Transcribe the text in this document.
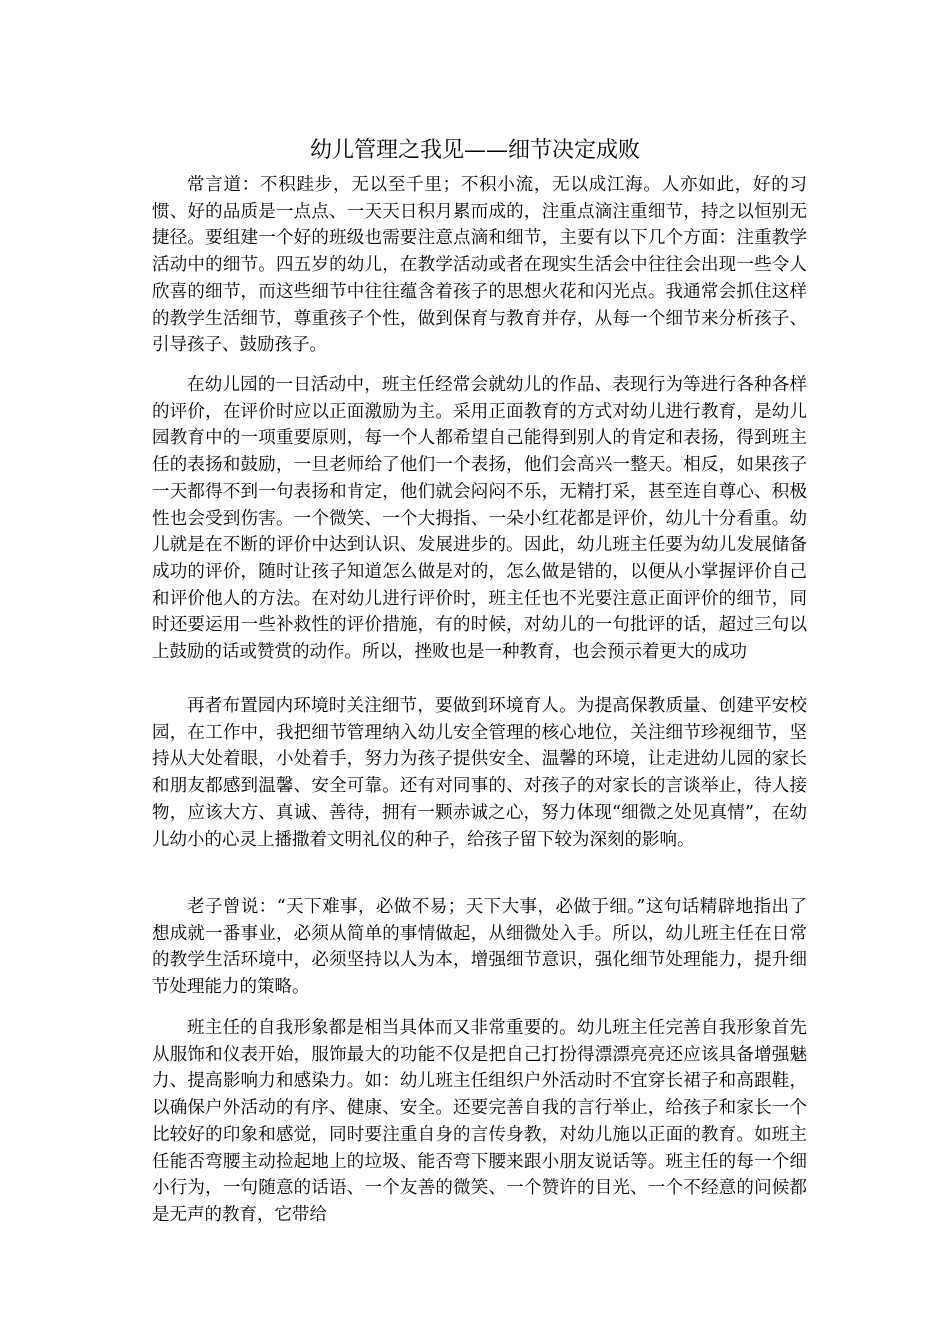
幼儿管理之我见——细节决定成败

常言道：不积跬步，无以至千里；不积小流，无以成江海。人亦如此，好的习惯、好的品质是一点点、一天天日积月累而成的，注重点滴注重细节，持之以恒别无捷径。要组建一个好的班级也需要注意点滴和细节，主要有以下几个方面：注重教学活动中的细节。四五岁的幼儿，在教学活动或者在现实生活会中往往会出现一些令人欣喜的细节，而这些细节中往往蕴含着孩子的思想火花和闪光点。我通常会抓住这样的教学生活细节，尊重孩子个性，做到保育与教育并存，从每一个细节来分析孩子、引导孩子、鼓励孩子。

在幼儿园的一日活动中，班主任经常会就幼儿的作品、表现行为等进行各种各样的评价，在评价时应以正面激励为主。采用正面教育的方式对幼儿进行教育，是幼儿园教育中的一项重要原则，每一个人都希望自己能得到别人的肯定和表扬，得到班主任的表扬和鼓励，一旦老师给了他们一个表扬，他们会高兴一整天。相反，如果孩子一天都得不到一句表扬和肯定，他们就会闷闷不乐，无精打采，甚至连自尊心、积极性也会受到伤害。一个微笑、一个大拇指、一朵小红花都是评价，幼儿十分看重。幼儿就是在不断的评价中达到认识、发展进步的。因此，幼儿班主任要为幼儿发展储备成功的评价，随时让孩子知道怎么做是对的，怎么做是错的，以便从小掌握评价自己和评价他人的方法。在对幼儿进行评价时，班主任也不光要注意正面评价的细节，同时还要运用一些补救性的评价措施，有的时候，对幼儿的一句批评的话，超过三句以上鼓励的话或赞赏的动作。所以，挫败也是一种教育，也会预示着更大的成功

再者布置园内环境时关注细节，要做到环境育人。为提高保教质量、创建平安校园，在工作中，我把细节管理纳入幼儿安全管理的核心地位，关注细节珍视细节，坚持从大处着眼，小处着手，努力为孩子提供安全、温馨的环境，让走进幼儿园的家长和朋友都感到温馨、安全可靠。还有对同事的、对孩子的对家长的言谈举止，待人接物，应该大方、真诚、善待，拥有一颗赤诚之心，努力体现“细微之处见真情”，在幼儿幼小的心灵上播撒着文明礼仪的种子，给孩子留下较为深刻的影响。

老子曾说：“天下难事，必做不易；天下大事，必做于细。”这句话精辟地指出了想成就一番事业，必须从简单的事情做起，从细微处入手。所以，幼儿班主任在日常的教学生活环境中，必须坚持以人为本，增强细节意识，强化细节处理能力，提升细节处理能力的策略。

班主任的自我形象都是相当具体而又非常重要的。幼儿班主任完善自我形象首先从服饰和仪表开始，服饰最大的功能不仅是把自己打扮得漂漂亮亮还应该具备增强魅力、提高影响力和感染力。如：幼儿班主任组织户外活动时不宜穿长裙子和高跟鞋，以确保户外活动的有序、健康、安全。还要完善自我的言行举止，给孩子和家长一个比较好的印象和感觉，同时要注重自身的言传身教，对幼儿施以正面的教育。如班主任能否弯腰主动捡起地上的垃圾、能否弯下腰来跟小朋友说话等。班主任的每一个细小行为，一句随意的话语、一个友善的微笑、一个赞许的目光、一个不经意的问候都是无声的教育，它带给
